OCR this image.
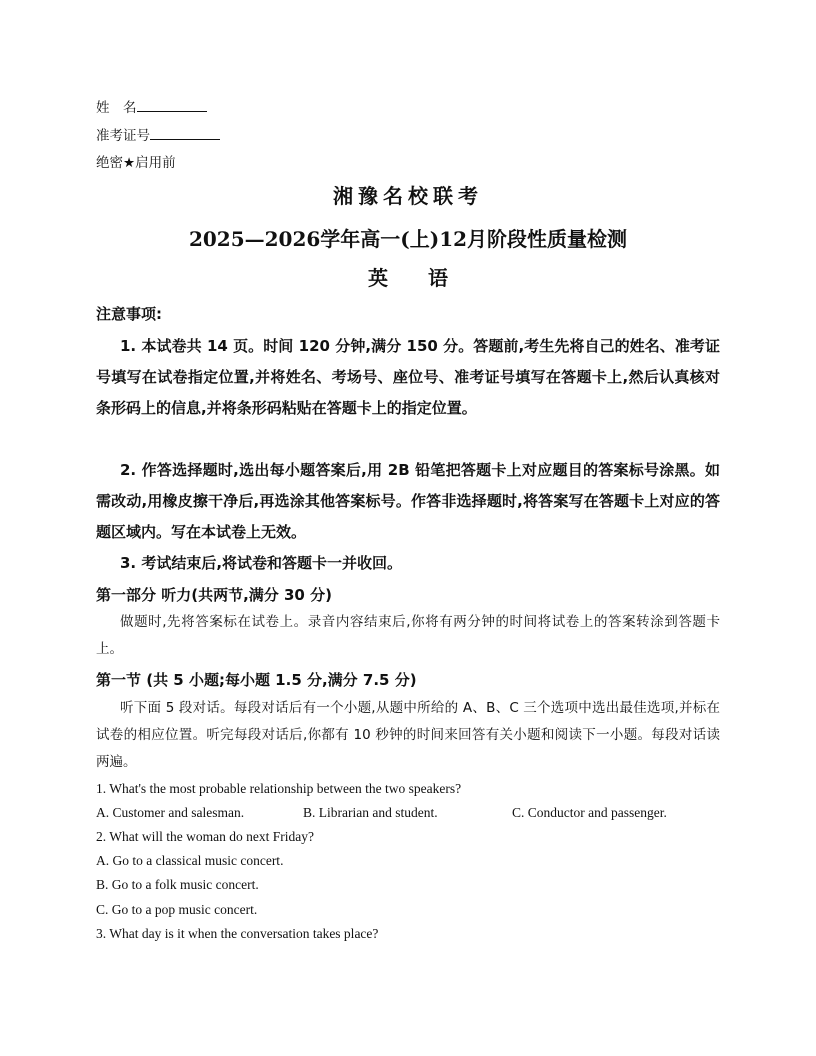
姓　名
准考证号
绝密★启用前
湘豫名校联考
2025—2026学年高一(上)12月阶段性质量检测
英　　语
注意事项:
1. 本试卷共 14 页。时间 120 分钟,满分 150 分。答题前,考生先将自己的姓名、准考证号填写在试卷指定位置,并将姓名、考场号、座位号、准考证号填写在答题卡上,然后认真核对条形码上的信息,并将条形码粘贴在答题卡上的指定位置。
2. 作答选择题时,选出每小题答案后,用 2B 铅笔把答题卡上对应题目的答案标号涂黑。如需改动,用橡皮擦干净后,再选涂其他答案标号。作答非选择题时,将答案写在答题卡上对应的答题区域内。写在本试卷上无效。
3. 考试结束后,将试卷和答题卡一并收回。
第一部分 听力(共两节,满分 30 分)
做题时,先将答案标在试卷上。录音内容结束后,你将有两分钟的时间将试卷上的答案转涂到答题卡上。
第一节 (共 5 小题;每小题 1.5 分,满分 7.5 分)
听下面 5 段对话。每段对话后有一个小题,从题中所给的 A、B、C 三个选项中选出最佳选项,并标在试卷的相应位置。听完每段对话后,你都有 10 秒钟的时间来回答有关小题和阅读下一小题。每段对话读两遍。
1. What's the most probable relationship between the two speakers?
A. Customer and salesman.	B. Librarian and student.	C. Conductor and passenger.
2. What will the woman do next Friday?
A. Go to a classical music concert.
B. Go to a folk music concert.
C. Go to a pop music concert.
3. What day is it when the conversation takes place?
